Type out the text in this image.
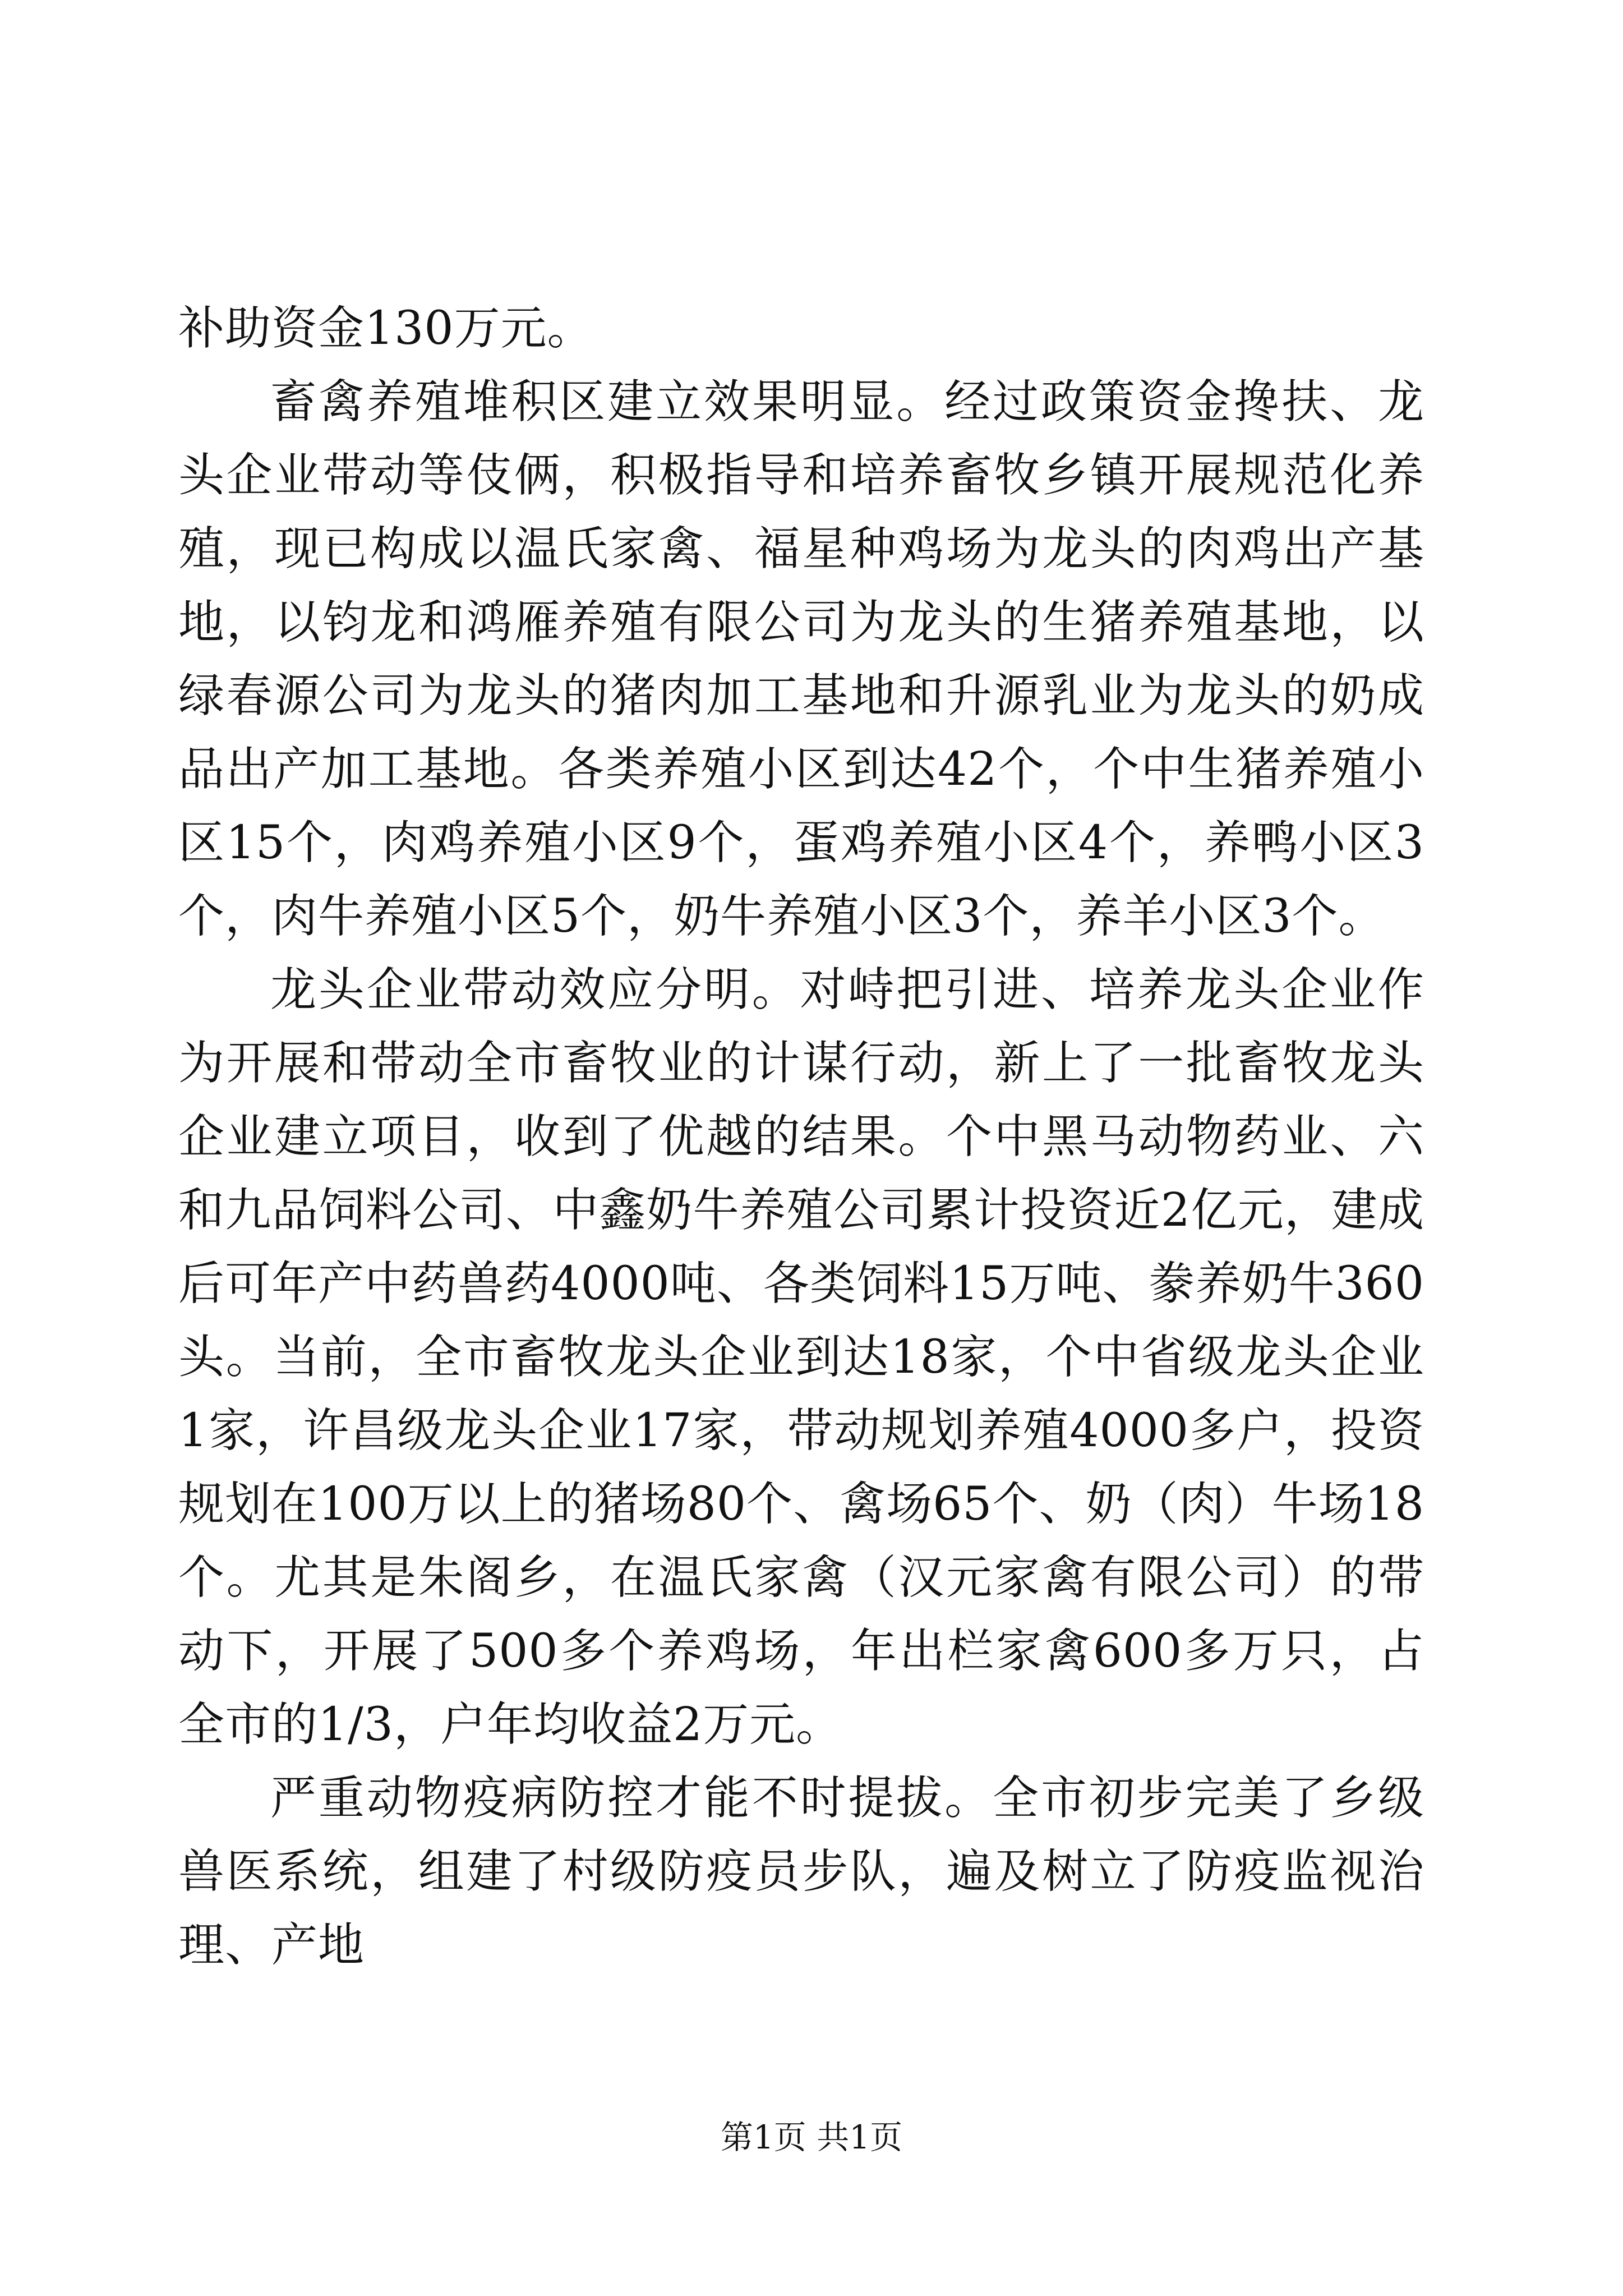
补助资金130万元。

畜禽养殖堆积区建立效果明显。经过政策资金搀扶、龙头企业带动等伎俩，积极指导和培养畜牧乡镇开展规范化养殖，现已构成以温氏家禽、福星种鸡场为龙头的肉鸡出产基地，以钧龙和鸿雁养殖有限公司为龙头的生猪养殖基地，以绿春源公司为龙头的猪肉加工基地和升源乳业为龙头的奶成品出产加工基地。各类养殖小区到达42个，个中生猪养殖小区15个，肉鸡养殖小区9个，蛋鸡养殖小区4个，养鸭小区3个，肉牛养殖小区5个，奶牛养殖小区3个，养羊小区3个。

龙头企业带动效应分明。对峙把引进、培养龙头企业作为开展和带动全市畜牧业的计谋行动，新上了一批畜牧龙头企业建立项目，收到了优越的结果。个中黑马动物药业、六和九品饲料公司、中鑫奶牛养殖公司累计投资近2亿元，建成后可年产中药兽药4000吨、各类饲料15万吨、豢养奶牛360头。当前，全市畜牧龙头企业到达18家，个中省级龙头企业1家，许昌级龙头企业17家，带动规划养殖4000多户，投资规划在100万以上的猪场80个、禽场65个、奶（肉）牛场18个。尤其是朱阁乡，在温氏家禽（汉元家禽有限公司）的带动下，开展了500多个养鸡场，年出栏家禽600多万只，占全市的1/3，户年均收益2万元。

严重动物疫病防控才能不时提拔。全市初步完美了乡级兽医系统，组建了村级防疫员步队，遍及树立了防疫监视治理、产地

第1页 共1页
